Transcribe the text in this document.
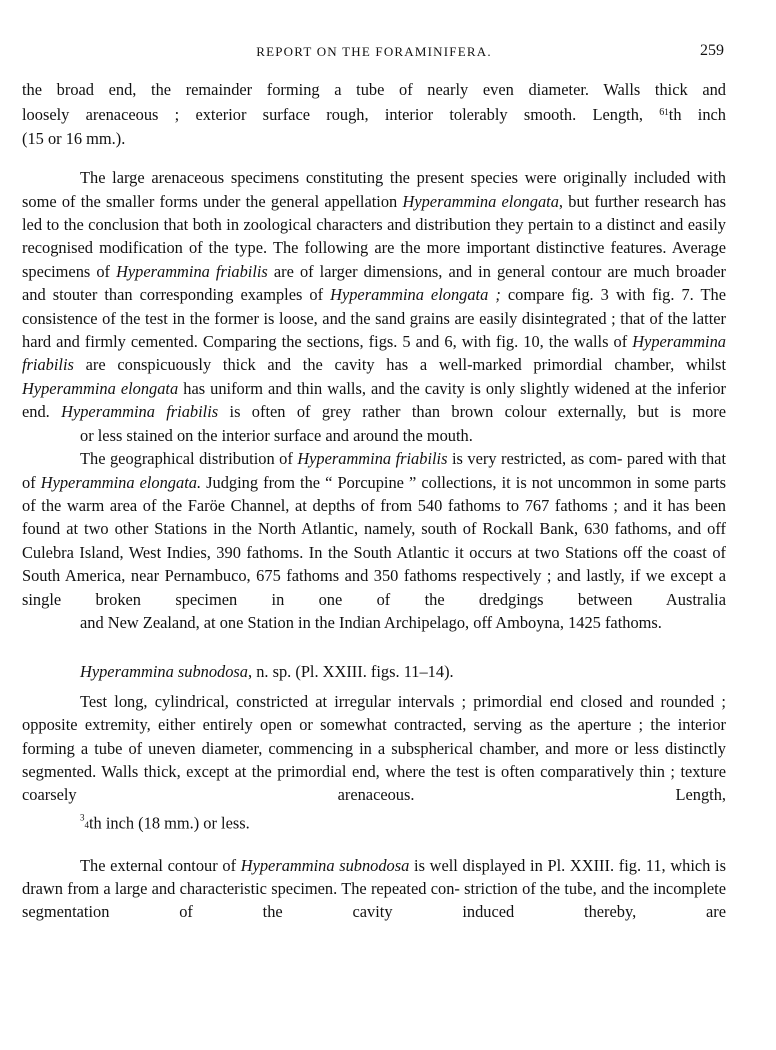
REPORT ON THE FORAMINIFERA.	259

the broad end, the remainder forming a tube of nearly even diameter. Walls thick and
loosely arenaceous ; exterior surface rough, interior tolerably smooth. Length, $^{61}$th inch
(15 or 16 mm.).

The large arenaceous specimens constituting the present species were originally included with some of the smaller forms under the general appellation Hyperammina elongata, but further research has led to the conclusion that both in zoological characters and distribution they pertain to a distinct and easily recognised modification of the type. The following are the more important distinctive features. Average specimens of Hyperammina friabilis are of larger dimensions, and in general contour are much broader and stouter than corresponding examples of Hyperammina elongata ; compare fig. 3 with fig. 7. The consistence of the test in the former is loose, and the sand grains are easily disintegrated ; that of the latter hard and firmly cemented. Comparing the sections, figs. 5 and 6, with fig. 10, the walls of Hyperammina friabilis are conspicuously thick and the cavity has a well-marked primordial chamber, whilst Hyperammina elongata has uniform and thin walls, and the cavity is only slightly widened at the inferior end. Hyperammina friabilis is often of grey rather than brown colour externally, but is more
or less stained on the interior surface and around the mouth.

The geographical distribution of Hyperammina friabilis is very restricted, as com- pared with that of Hyperammina elongata. Judging from the “ Porcupine ” collections, it is not uncommon in some parts of the warm area of the Faröe Channel, at depths of from 540 fathoms to 767 fathoms ; and it has been found at two other Stations in the North Atlantic, namely, south of Rockall Bank, 630 fathoms, and off Culebra Island, West Indies, 390 fathoms. In the South Atlantic it occurs at two Stations off the coast of South America, near Pernambuco, 675 fathoms and 350 fathoms respectively ; and lastly, if we except a single broken specimen in one of the dredgings between Australia
and New Zealand, at one Station in the Indian Archipelago, off Amboyna, 1425 fathoms.

Hyperammina subnodosa, n. sp. (Pl. XXIII. figs. 11–14).

Test long, cylindrical, constricted at irregular intervals ; primordial end closed and rounded ; opposite extremity, either entirely open or somewhat contracted, serving as the aperture ; the interior forming a tube of uneven diameter, commencing in a subspherical chamber, and more or less distinctly segmented. Walls thick, except at the primordial end, where the test is often comparatively thin ; texture coarsely arenaceous. Length,
$^3_4$th inch (18 mm.) or less.

The external contour of Hyperammina subnodosa is well displayed in Pl. XXIII. fig. 11, which is drawn from a large and characteristic specimen. The repeated con- striction of the tube, and the incomplete segmentation of the cavity induced thereby, are
